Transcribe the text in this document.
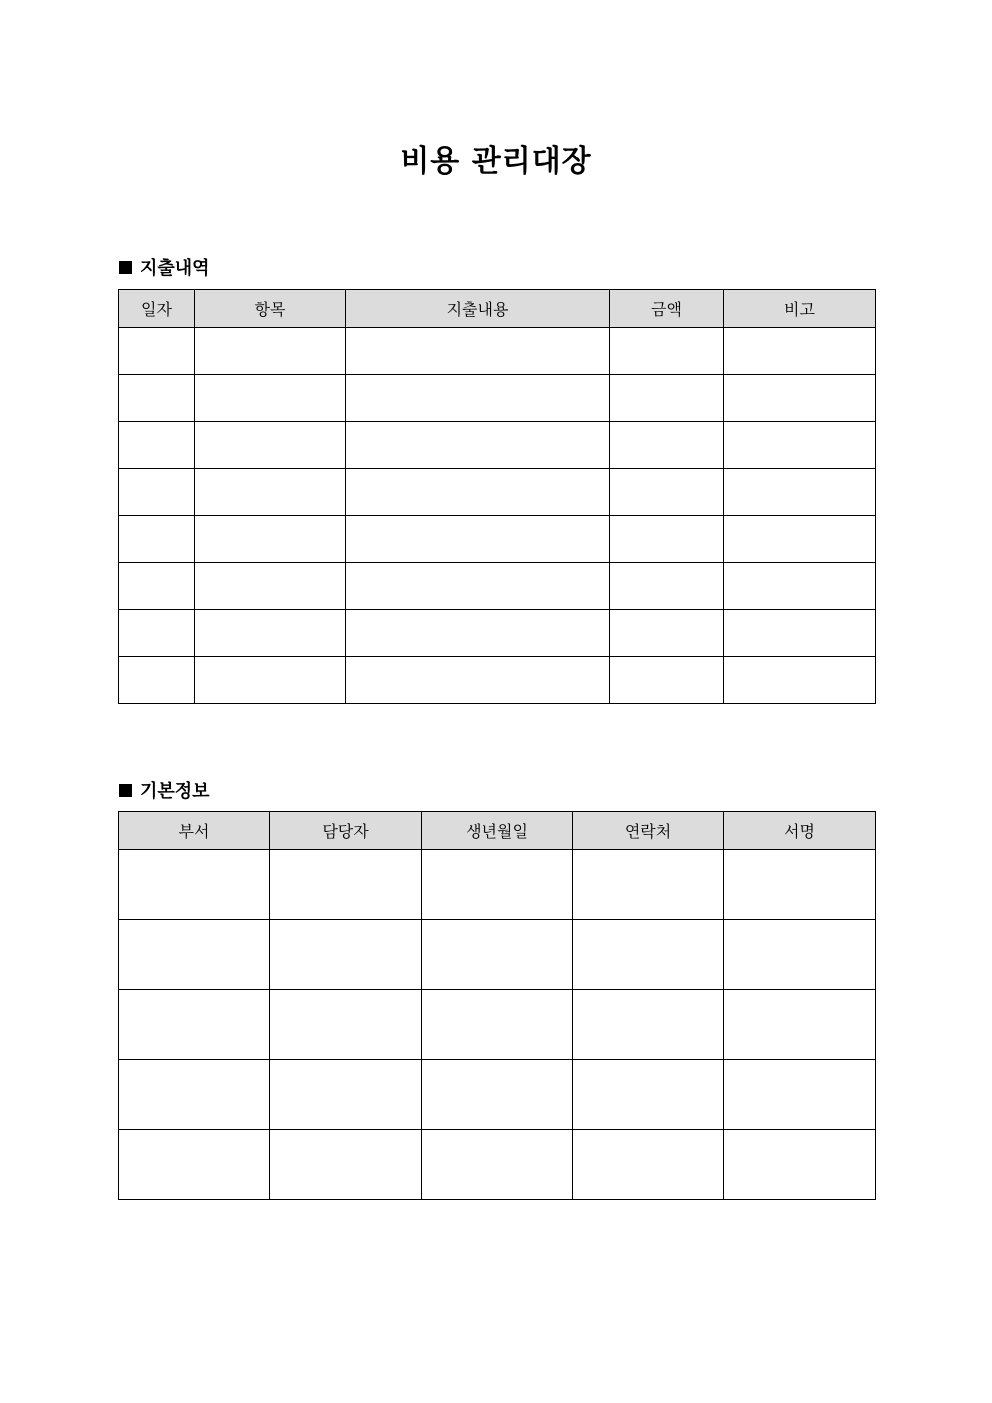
비용 관리대장
지출내역
일자	항목	지출내용	금액	비고

기본정보
부서	담당자	생년월일	연락처	서명
